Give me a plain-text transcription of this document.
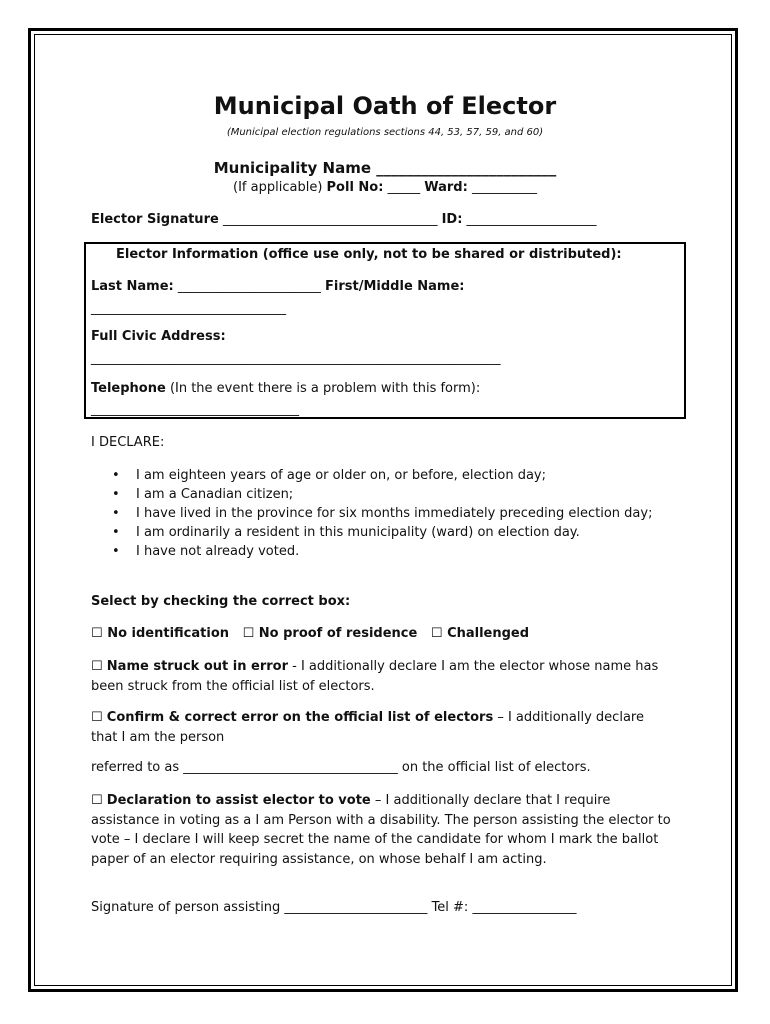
Municipal Oath of Elector
(Municipal election regulations sections 44, 53, 57, 59, and 60)
Municipality Name ________________________
(If applicable) Poll No: _____ Ward: __________
Elector Signature _________________________________ ID: ____________________
Elector Information (office use only, not to be shared or distributed):
Last Name: ______________________ First/Middle Name:
______________________________
Full Civic Address:
_______________________________________________________________
Telephone (In the event there is a problem with this form):
________________________________
I DECLARE:
• I am eighteen years of age or older on, or before, election day;
• I am a Canadian citizen;
• I have lived in the province for six months immediately preceding election day;
• I am ordinarily a resident in this municipality (ward) on election day.
• I have not already voted.
Select by checking the correct box:
☐ No identification ☐ No proof of residence ☐ Challenged
☐ Name struck out in error - I additionally declare I am the elector whose name has been struck from the official list of electors.
☐ Confirm & correct error on the official list of electors – I additionally declare that I am the person
referred to as _________________________________ on the official list of electors.
☐ Declaration to assist elector to vote – I additionally declare that I require assistance in voting as a I am Person with a disability. The person assisting the elector to vote – I declare I will keep secret the name of the candidate for whom I mark the ballot paper of an elector requiring assistance, on whose behalf I am acting.
Signature of person assisting ______________________ Tel #: ________________
